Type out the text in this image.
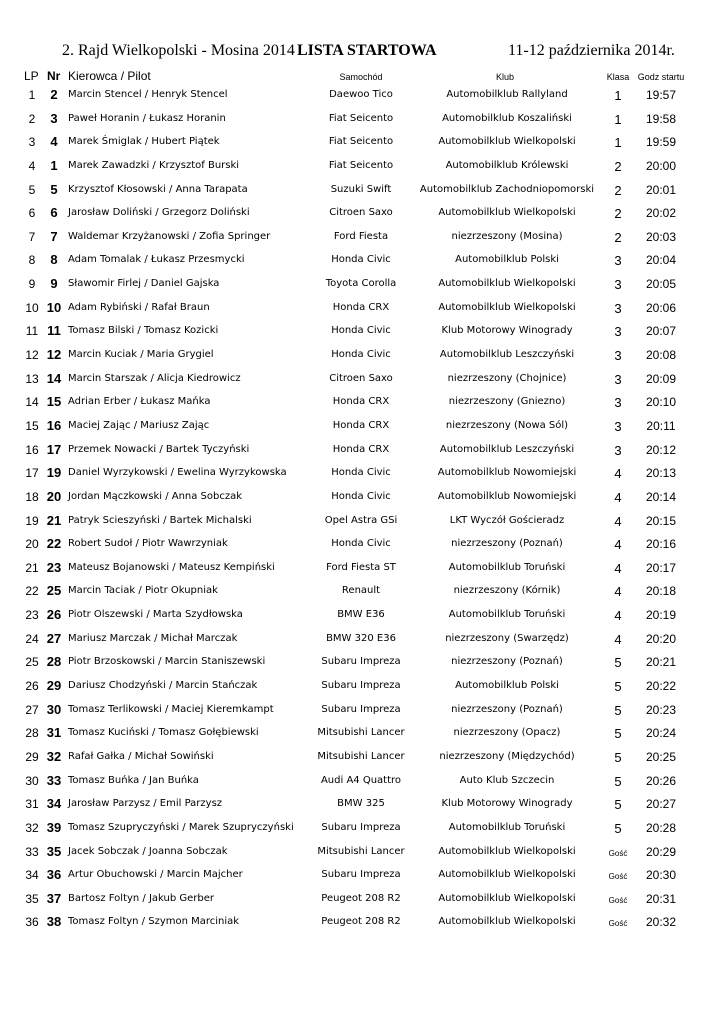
2. Rajd Wielkopolski - Mosina 2014 LISTA STARTOWA	11-12 października 2014r.
LP Nr Kierowca / Pilot	Samochód	Klub	Klasa Godz startu
1	2	Marcin Stencel / Henryk Stencel	Daewoo Tico	Automobilklub Rallyland	1 19:57
2	3	Paweł Horanin / Łukasz Horanin	Fiat Seicento	Automobilklub Koszaliński	1 19:58
3	4	Marek Śmiglak / Hubert Piątek	Fiat Seicento	Automobilklub Wielkopolski	1 19:59
4	1	Marek Zawadzki / Krzysztof Burski	Fiat Seicento	Automobilklub Królewski	2 20:00
5	5	Krzysztof Kłosowski / Anna Tarapata	Suzuki Swift	Automobilklub Zachodniopomorski 2 20:01
6	6	Jarosław Doliński / Grzegorz Doliński	Citroen Saxo	Automobilklub Wielkopolski	2 20:02
7	7	Waldemar Krzyżanowski / Zofia Springer	Ford Fiesta	niezrzeszony (Mosina)	2 20:03
8	8	Adam Tomalak / Łukasz Przesmycki	Honda Civic	Automobilklub Polski	3 20:04
9	9	Sławomir Firlej / Daniel Gajska	Toyota Corolla	Automobilklub Wielkopolski	3 20:05
10 10 Adam Rybiński / Rafał Braun	Honda CRX	Automobilklub Wielkopolski	3 20:06
11 11 Tomasz Bilski / Tomasz Kozicki	Honda Civic	Klub Motorowy Winogrady	3 20:07
12 12 Marcin Kuciak / Maria Grygiel	Honda Civic	Automobilklub Leszczyński	3 20:08
13 14 Marcin Starszak / Alicja Kiedrowicz	Citroen Saxo	niezrzeszony (Chojnice)	3 20:09
14 15 Adrian Erber / Łukasz Mańka	Honda CRX	niezrzeszony (Gniezno)	3 20:10
15 16 Maciej Zając / Mariusz Zając	Honda CRX	niezrzeszony (Nowa Sól)	3 20:11
16 17 Przemek Nowacki / Bartek Tyczyński	Honda CRX	Automobilklub Leszczyński	3 20:12
17 19 Daniel Wyrzykowski / Ewelina Wyrzykowska	Honda Civic	Automobilklub Nowomiejski	4 20:13
18 20 Jordan Mączkowski / Anna Sobczak	Honda Civic	Automobilklub Nowomiejski	4 20:14
19 21 Patryk Scieszyński / Bartek Michalski	Opel Astra GSi	LKT Wyczół Gościeradz	4 20:15
20 22 Robert Sudoł / Piotr Wawrzyniak	Honda Civic	niezrzeszony (Poznań)	4 20:16
21 23 Mateusz Bojanowski / Mateusz Kempiński	Ford Fiesta ST	Automobilklub Toruński	4 20:17
22 25 Marcin Taciak / Piotr Okupniak	Renault	niezrzeszony (Kórnik)	4 20:18
23 26 Piotr Olszewski / Marta Szydłowska	BMW E36	Automobilklub Toruński	4 20:19
24 27 Mariusz Marczak / Michał Marczak	BMW 320 E36	niezrzeszony (Swarzędz)	4 20:20
25 28 Piotr Brzoskowski / Marcin Staniszewski	Subaru Impreza	niezrzeszony (Poznań)	5 20:21
26 29 Dariusz Chodzyński / Marcin Stańczak	Subaru Impreza	Automobilklub Polski	5 20:22
27 30 Tomasz Terlikowski / Maciej Kieremkampt	Subaru Impreza	niezrzeszony (Poznań)	5 20:23
28 31 Tomasz Kuciński / Tomasz Gołębiewski	Mitsubishi Lancer	niezrzeszony (Opacz)	5 20:24
29 32 Rafał Gałka / Michał Sowiński	Mitsubishi Lancer	niezrzeszony (Międzychód)	5 20:25
30 33 Tomasz Buńka / Jan Buńka	Audi A4 Quattro	Auto Klub Szczecin	5 20:26
31 34 Jarosław Parzysz / Emil Parzysz	BMW 325	Klub Motorowy Winogrady	5 20:27
32 39 Tomasz Szupryczyński / Marek Szupryczyński	Subaru Impreza	Automobilklub Toruński	5 20:28
33 35 Jacek Sobczak / Joanna Sobczak	Mitsubishi Lancer	Automobilklub Wielkopolski	Gość 20:29
34 36 Artur Obuchowski / Marcin Majcher	Subaru Impreza	Automobilklub Wielkopolski	Gość 20:30
35 37 Bartosz Foltyn / Jakub Gerber	Peugeot 208 R2	Automobilklub Wielkopolski	Gość 20:31
36 38 Tomasz Foltyn / Szymon Marciniak	Peugeot 208 R2	Automobilklub Wielkopolski	Gość 20:32
